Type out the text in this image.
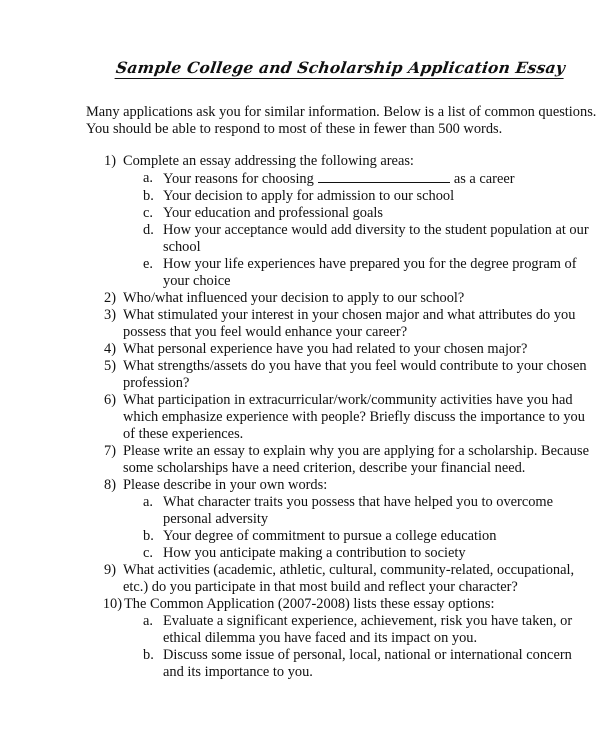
Sample College and Scholarship Application Essay
Many applications ask you for similar information. Below is a list of common questions.
You should be able to respond to most of these in fewer than 500 words.
1) Complete an essay addressing the following areas:
a. Your reasons for choosing	as a career
b. Your decision to apply for admission to our school
c. Your education and professional goals
d. How your acceptance would add diversity to the student population at our
school
e. How your life experiences have prepared you for the degree program of
your choice
2) Who/what influenced your decision to apply to our school?
3) What stimulated your interest in your chosen major and what attributes do you
possess that you feel would enhance your career?
4) What personal experience have you had related to your chosen major?
5) What strengths/assets do you have that you feel would contribute to your chosen
profession?
6) What participation in extracurricular/work/community activities have you had
which emphasize experience with people? Briefly discuss the importance to you
of these experiences.
7) Please write an essay to explain why you are applying for a scholarship. Because
some scholarships have a need criterion, describe your financial need.
8) Please describe in your own words:
a. What character traits you possess that have helped you to overcome
personal adversity
b. Your degree of commitment to pursue a college education
c. How you anticipate making a contribution to society
9) What activities (academic, athletic, cultural, community-related, occupational,
etc.) do you participate in that most build and reflect your character?
10) The Common Application (2007-2008) lists these essay options:
a. Evaluate a significant experience, achievement, risk you have taken, or
ethical dilemma you have faced and its impact on you.
b. Discuss some issue of personal, local, national or international concern
and its importance to you.
